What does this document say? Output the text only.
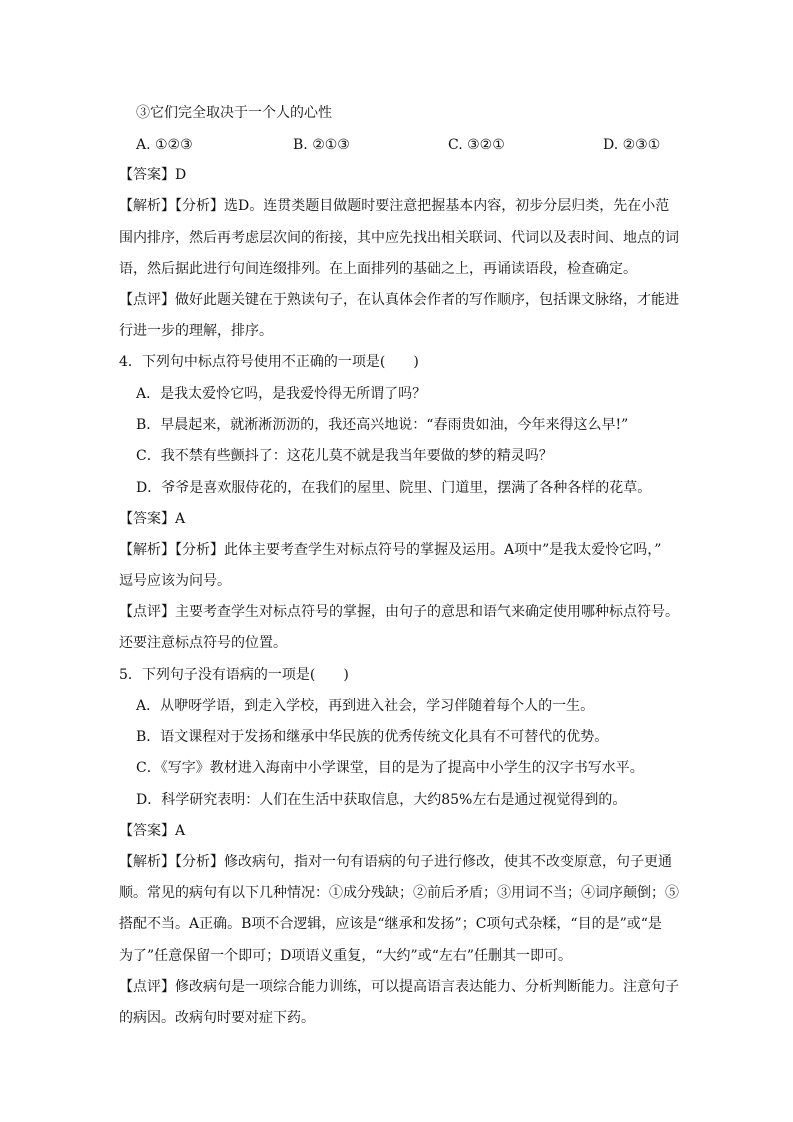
③它们完全取决于一个人的心性
A. ①②③	B. ②①③	C. ③②①	D. ②③①
【答案】D
【解析】【分析】选D。连贯类题目做题时要注意把握基本内容，初步分层归类，先在小范
围内排序，然后再考虑层次间的衔接，其中应先找出相关联词、代词以及表时间、地点的词
语，然后据此进行句间连缀排列。在上面排列的基础之上，再诵读语段，检查确定。
【点评】做好此题关键在于熟读句子，在认真体会作者的写作顺序，包括课文脉络，才能进
行进一步的理解，排序。
4．下列句中标点符号使用不正确的一项是(　　)
A．是我太爱怜它吗，是我爱怜得无所谓了吗？
B．早晨起来，就淅淅沥沥的，我还高兴地说：“春雨贵如油，今年来得这么早!”
C．我不禁有些颤抖了：这花儿莫不就是我当年要做的梦的精灵吗？
D．爷爷是喜欢服侍花的，在我们的屋里、院里、门道里，摆满了各种各样的花草。
【答案】A
【解析】【分析】此体主要考查学生对标点符号的掌握及运用。A项中”是我太爱怜它吗，”
逗号应该为问号。
【点评】主要考查学生对标点符号的掌握，由句子的意思和语气来确定使用哪种标点符号。
还要注意标点符号的位置。
5．下列句子没有语病的一项是(　　)
A．从咿呀学语，到走入学校，再到进入社会，学习伴随着每个人的一生。
B．语文课程对于发扬和继承中华民族的优秀传统文化具有不可替代的优势。
C．《写字》教材进入海南中小学课堂，目的是为了提高中小学生的汉字书写水平。
D．科学研究表明：人们在生活中获取信息，大约85%左右是通过视觉得到的。
【答案】A
【解析】【分析】修改病句，指对一句有语病的句子进行修改，使其不改变原意，句子更通
顺。常见的病句有以下几种情况：①成分残缺；②前后矛盾；③用词不当；④词序颠倒；⑤
搭配不当。A正确。B项不合逻辑，应该是“继承和发扬”；C项句式杂糅，“目的是”或“是
为了”任意保留一个即可；D项语义重复，“大约”或“左右”任删其一即可。
【点评】修改病句是一项综合能力训练，可以提高语言表达能力、分析判断能力。注意句子
的病因。改病句时要对症下药。
